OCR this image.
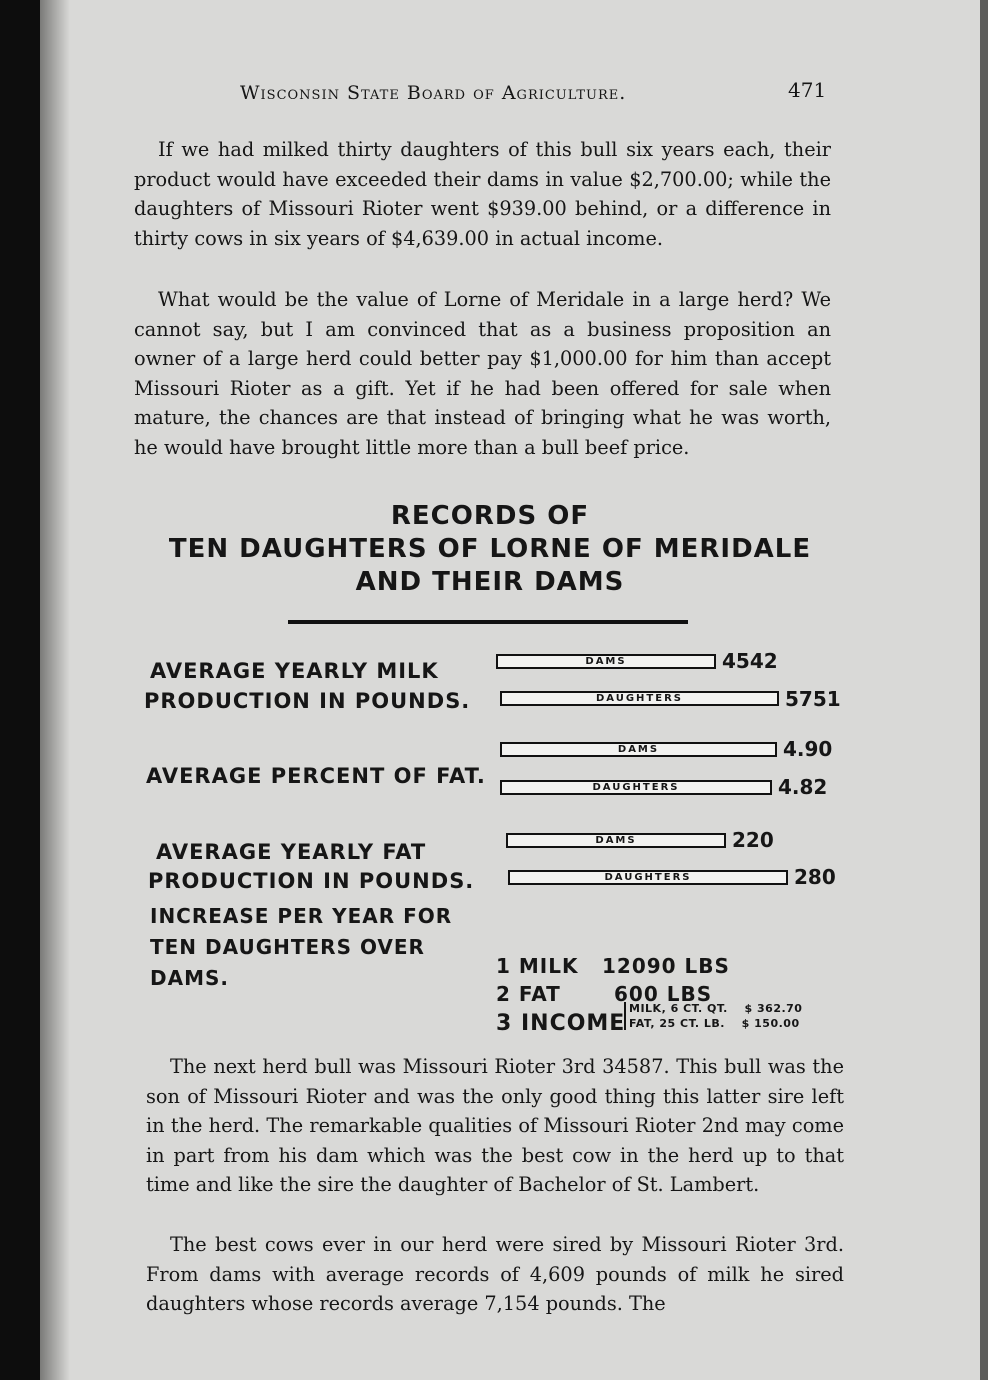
Wisconsin State Board of Agriculture.	471

If we had milked thirty daughters of this bull six years each, their product would have exceeded their dams in value $2,700.00; while the daughters of Missouri Rioter went $939.00 behind, or a difference in thirty cows in six years of $4,639.00 in actual income.

What would be the value of Lorne of Meridale in a large herd? We cannot say, but I am convinced that as a business proposition an owner of a large herd could better pay $1,000.00 for him than accept Missouri Rioter as a gift. Yet if he had been offered for sale when mature, the chances are that instead of bringing what he was worth, he would have brought little more than a bull beef price.

RECORDS OF
TEN DAUGHTERS OF LORNE OF MERIDALE
AND THEIR DAMS
AVERAGE YEARLY MILK
PRODUCTION IN POUNDS.
DAMS	4542
DAUGHTERS	5751
AVERAGE PERCENT OF FAT.
DAMS	4.90
DAUGHTERS	4.82
AVERAGE YEARLY FAT
PRODUCTION IN POUNDS.
DAMS	220
DAUGHTERS	280
INCREASE PER YEAR FOR
TEN DAUGHTERS OVER
DAMS.	1 MILK 12090 LBS
2 FAT	600 LBS
3 INCOME
MILK, 6 CT. QT. $ 362.70
FAT, 25 CT. LB. $ 150.00

The next herd bull was Missouri Rioter 3rd 34587. This bull was the son of Missouri Rioter and was the only good thing this latter sire left in the herd. The remarkable qualities of Missouri Rioter 2nd may come in part from his dam which was the best cow in the herd up to that time and like the sire the daughter of Bachelor of St. Lambert.

The best cows ever in our herd were sired by Missouri Rioter 3rd. From dams with average records of 4,609 pounds of milk he sired daughters whose records average 7,154 pounds. The
